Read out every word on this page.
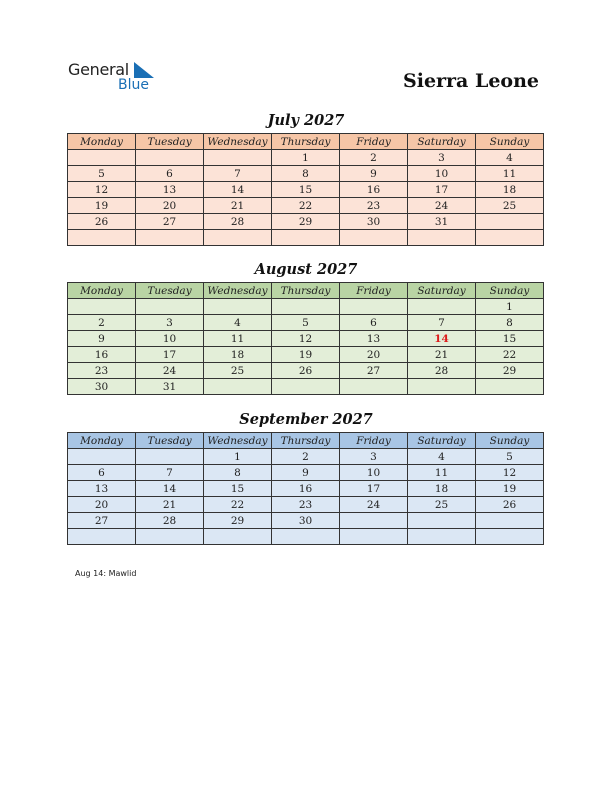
General
Blue	Sierra Leone
July 2027
Monday	Tuesday	Wednesday	Thursday	Friday	Saturday	Sunday
			1	2	3	4
5	6	7	8	9	10	11
12	13	14	15	16	17	18
19	20	21	22	23	24	25
26	27	28	29	30	31	

August 2027
Monday	Tuesday	Wednesday	Thursday	Friday	Saturday	Sunday
						1
2	3	4	5	6	7	8
9	10	11	12	13	14	15
16	17	18	19	20	21	22
23	24	25	26	27	28	29
30	31					
September 2027
Monday	Tuesday	Wednesday	Thursday	Friday	Saturday	Sunday
		1	2	3	4	5
6	7	8	9	10	11	12
13	14	15	16	17	18	19
20	21	22	23	24	25	26
27	28	29	30			

Aug 14: Mawlid
